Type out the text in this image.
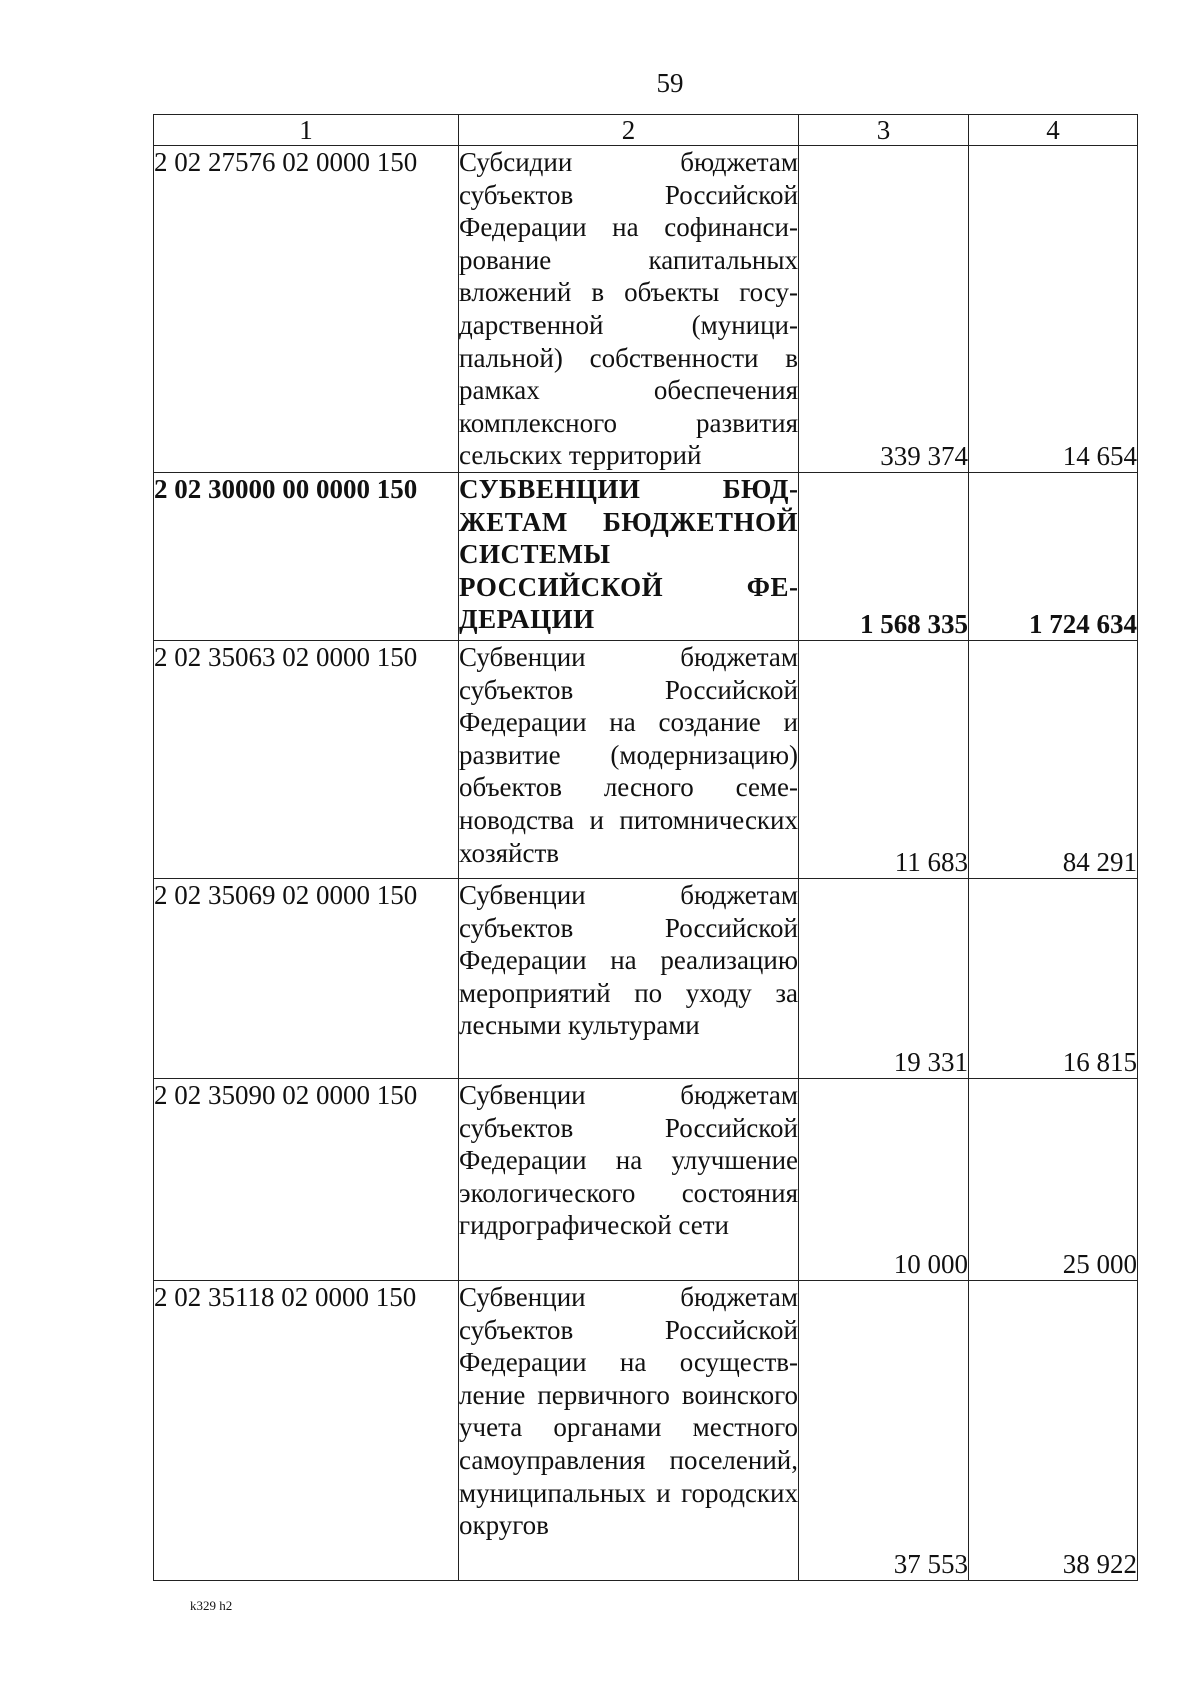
59
1	2	3	4
2 02 27576 02 0000 150	Субсидии бюджетам субъектов Российской Федерации на софинансирование капитальных вложений в объекты государственной (муниципальной) собственности в рамках обеспечения комплексного развития сельских территорий	339 374	14 654
2 02 30000 00 0000 150	СУБВЕНЦИИ БЮДЖЕТАМ БЮДЖЕТНОЙ СИСТЕМЫ РОССИЙСКОЙ ФЕДЕРАЦИИ	1 568 335	1 724 634
2 02 35063 02 0000 150	Субвенции бюджетам субъектов Российской Федерации на создание и развитие (модернизацию) объектов лесного семеноводства и питомнических хозяйств	11 683	84 291
2 02 35069 02 0000 150	Субвенции бюджетам субъектов Российской Федерации на реализацию мероприятий по уходу за лесными культурами	19 331	16 815
2 02 35090 02 0000 150	Субвенции бюджетам субъектов Российской Федерации на улучшение экологического состояния гидрографической сети	10 000	25 000
2 02 35118 02 0000 150	Субвенции бюджетам субъектов Российской Федерации на осуществление первичного воинского учета органами местного самоуправления поселений, муниципальных и городских округов	37 553	38 922
k329 h2
